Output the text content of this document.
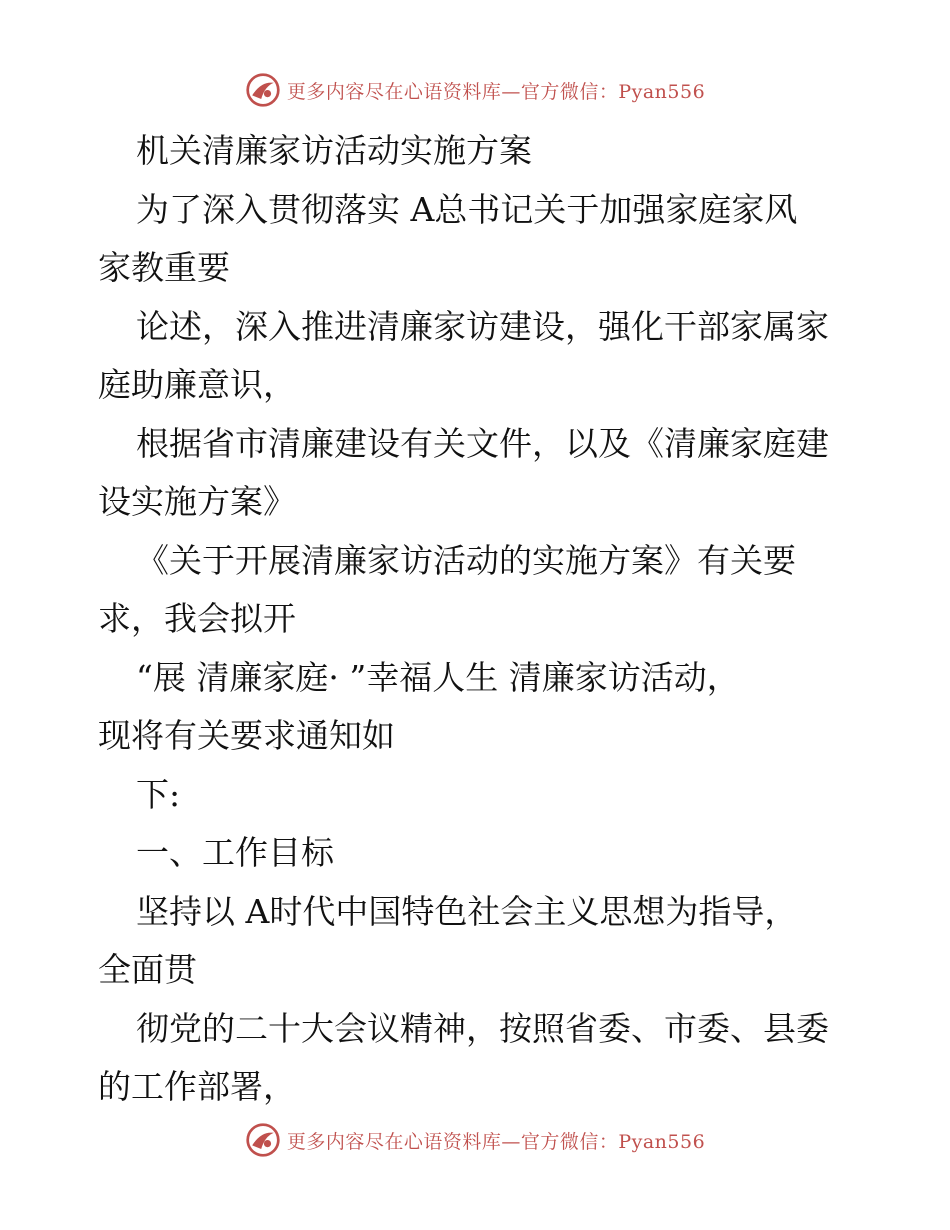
更多内容尽在心语资料库—官方微信：Pyan556

机关清廉家访活动实施方案

为了深入贯彻落实 A总书记关于加强家庭家风

家教重要

论述，深入推进清廉家访建设，强化干部家属家

庭助廉意识，

根据省市清廉建设有关文件，以及《清廉家庭建

设实施方案》

《关于开展清廉家访活动的实施方案》有关要

求，我会拟开

“展 清廉家庭· ”幸福人生 清廉家访活动，

现将有关要求通知如

下:

一、工作目标

坚持以 A时代中国特色社会主义思想为指导，

全面贯

彻党的二十大会议精神，按照省委、市委、县委

的工作部署，

更多内容尽在心语资料库—官方微信：Pyan556
